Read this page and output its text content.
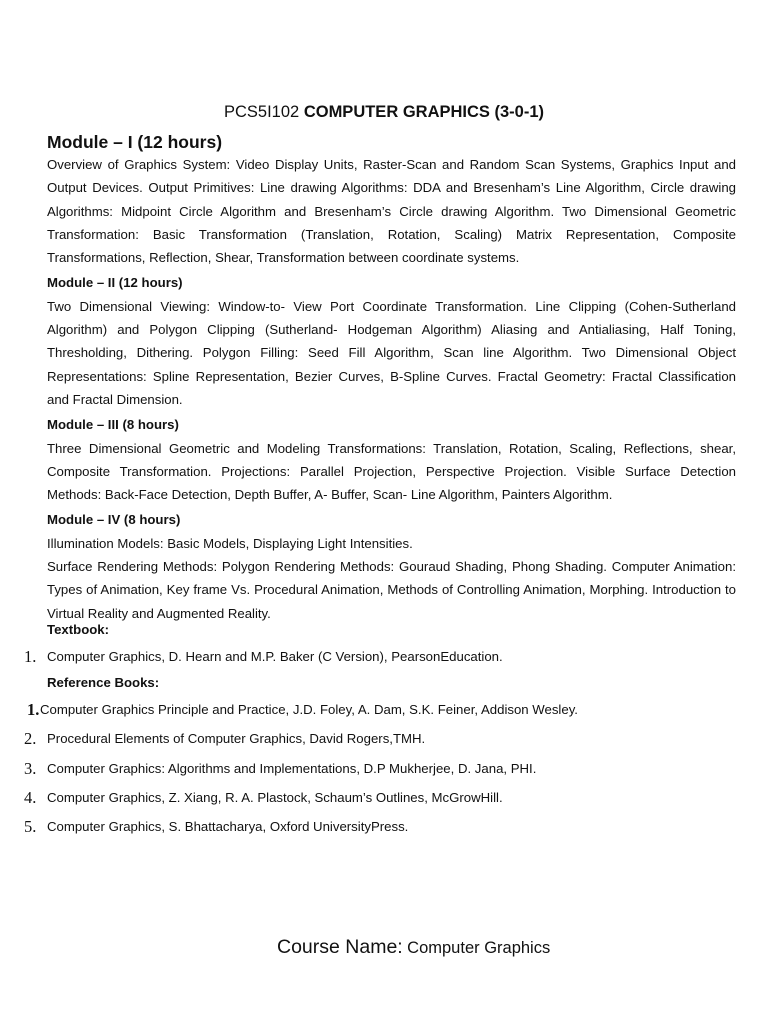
PCS5I102 COMPUTER GRAPHICS (3-0-1)
Module – I (12 hours)

Overview of Graphics System: Video Display Units, Raster-Scan and Random Scan Systems, Graphics Input and Output Devices. Output Primitives: Line drawing Algorithms: DDA and Bresenham’s Line Algorithm, Circle drawing Algorithms: Midpoint Circle Algorithm and Bresenham’s Circle drawing Algorithm. Two Dimensional Geometric Transformation: Basic Transformation (Translation, Rotation, Scaling) Matrix Representation, Composite Transformations, Reflection, Shear, Transformation between coordinate systems.

Module – II (12 hours)

Two Dimensional Viewing: Window-to- View Port Coordinate Transformation. Line Clipping (Cohen-Sutherland Algorithm) and Polygon Clipping (Sutherland- Hodgeman Algorithm) Aliasing and Antialiasing, Half Toning, Thresholding, Dithering. Polygon Filling: Seed Fill Algorithm, Scan line Algorithm. Two Dimensional Object Representations: Spline Representation, Bezier Curves, B-Spline Curves. Fractal Geometry: Fractal Classification and Fractal Dimension.

Module – III (8 hours)

Three Dimensional Geometric and Modeling Transformations: Translation, Rotation, Scaling, Reflections, shear, Composite Transformation. Projections: Parallel Projection, Perspective Projection. Visible Surface Detection Methods: Back-Face Detection, Depth Buffer, A- Buffer, Scan- Line Algorithm, Painters Algorithm.

Module – IV (8 hours)

Illumination Models: Basic Models, Displaying Light Intensities.

Surface Rendering Methods: Polygon Rendering Methods: Gouraud Shading, Phong Shading. Computer Animation: Types of Animation, Key frame Vs. Procedural Animation, Methods of Controlling Animation, Morphing. Introduction to Virtual Reality and Augmented Reality.

Textbook:
1. Computer Graphics, D. Hearn and M.P. Baker (C Version), PearsonEducation.
Reference Books:
1. Computer Graphics Principle and Practice, J.D. Foley, A. Dam, S.K. Feiner, Addison Wesley.
2. Procedural Elements of Computer Graphics, David Rogers,TMH.
3. Computer Graphics: Algorithms and Implementations, D.P Mukherjee, D. Jana, PHI.
4. Computer Graphics, Z. Xiang, R. A. Plastock, Schaum’s Outlines, McGrowHill.
5. Computer Graphics, S. Bhattacharya, Oxford UniversityPress.
Course Name: Computer Graphics
